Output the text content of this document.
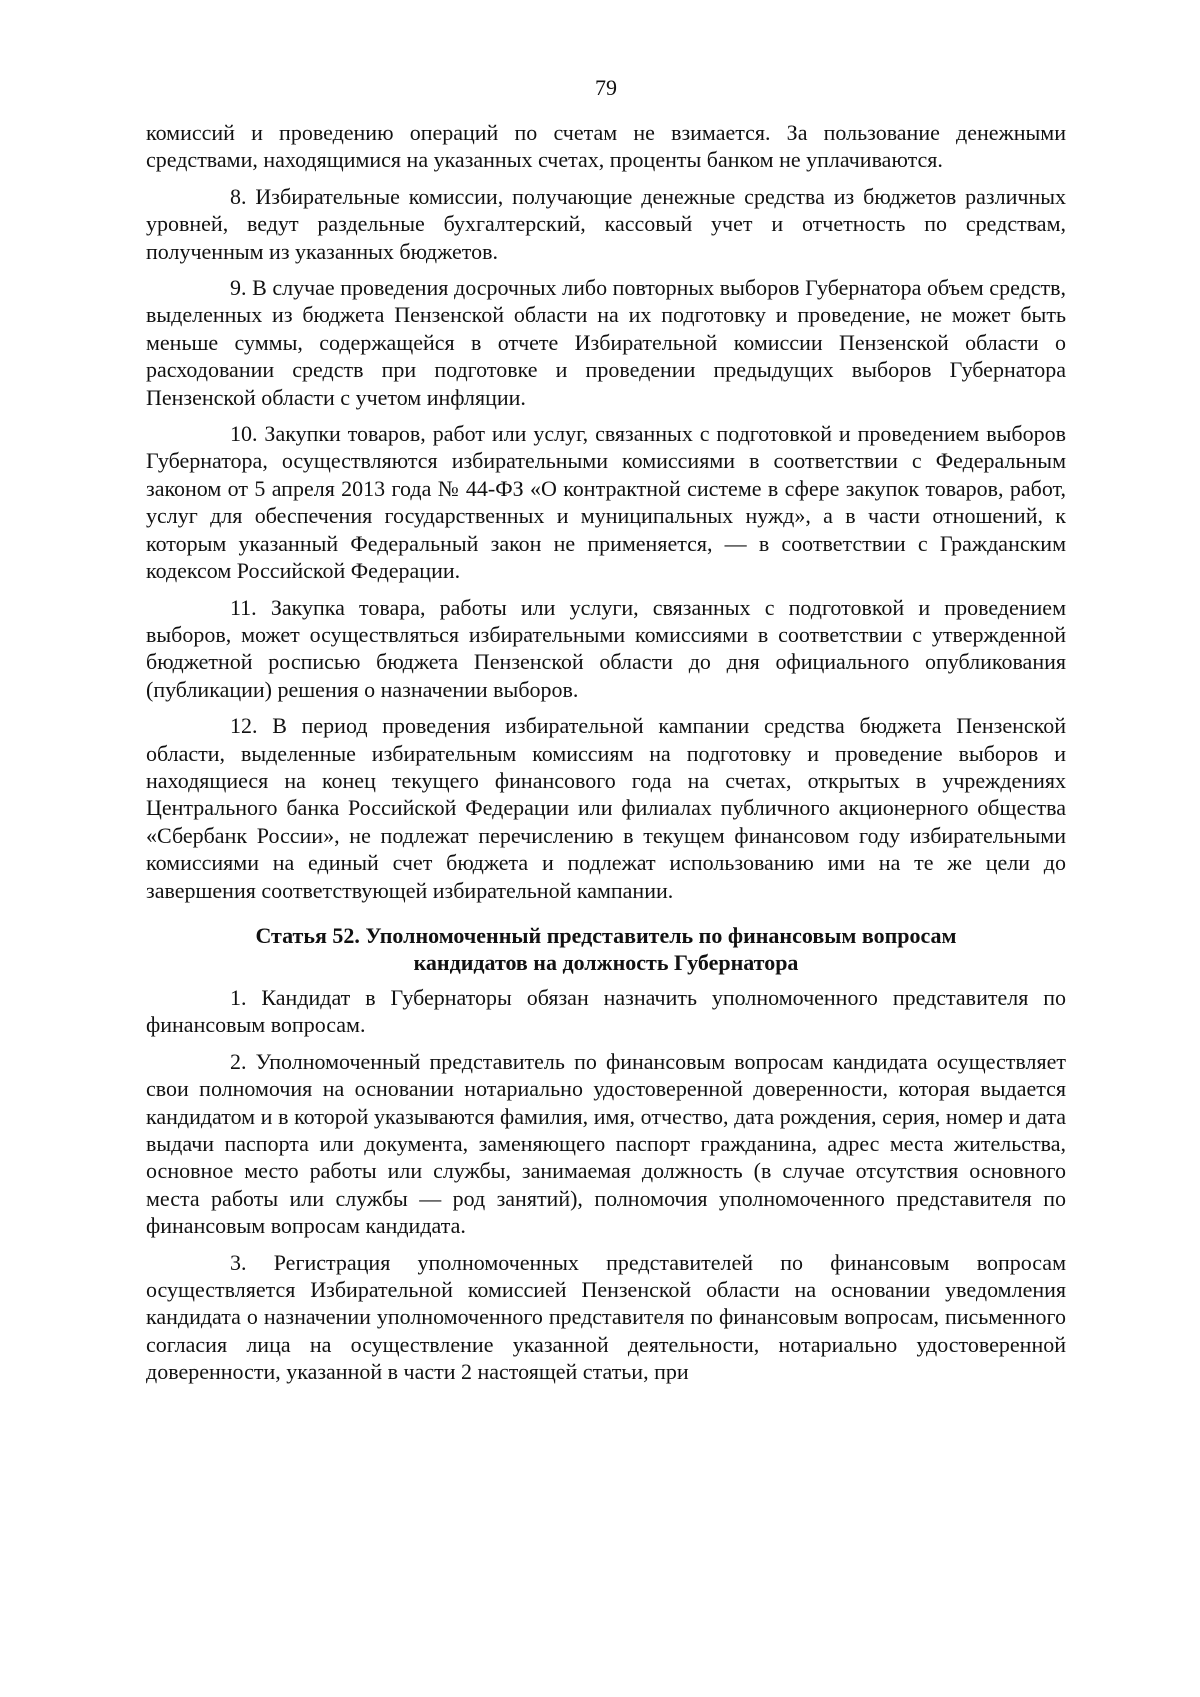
79

комиссий и проведению операций по счетам не взимается. За пользование денежными средствами, находящимися на указанных счетах, проценты банком не уплачиваются.

8. Избирательные комиссии, получающие денежные средства из бюджетов различных уровней, ведут раздельные бухгалтерский, кассовый учет и отчетность по средствам, полученным из указанных бюджетов.

9. В случае проведения досрочных либо повторных выборов Губернатора объем средств, выделенных из бюджета Пензенской области на их подготовку и проведение, не может быть меньше суммы, содержащейся в отчете Избирательной комиссии Пензенской области о расходовании средств при подготовке и проведении предыдущих выборов Губернатора Пензенской области с учетом инфляции.

10. Закупки товаров, работ или услуг, связанных с подготовкой и проведением выборов Губернатора, осуществляются избирательными комиссиями в соответствии с Федеральным законом от 5 апреля 2013 года № 44-ФЗ «О контрактной системе в сфере закупок товаров, работ, услуг для обеспечения государственных и муниципальных нужд», а в части отношений, к которым указанный Федеральный закон не применяется, — в соответствии с Гражданским кодексом Российской Федерации.

11. Закупка товара, работы или услуги, связанных с подготовкой и проведением выборов, может осуществляться избирательными комиссиями в соответствии с утвержденной бюджетной росписью бюджета Пензенской области до дня официального опубликования (публикации) решения о назначении выборов.

12. В период проведения избирательной кампании средства бюджета Пензенской области, выделенные избирательным комиссиям на подготовку и проведение выборов и находящиеся на конец текущего финансового года на счетах, открытых в учреждениях Центрального банка Российской Федерации или филиалах публичного акционерного общества «Сбербанк России», не подлежат перечислению в текущем финансовом году избирательными комиссиями на единый счет бюджета и подлежат использованию ими на те же цели до завершения соответствующей избирательной кампании.

Статья 52. Уполномоченный представитель по финансовым вопросам
кандидатов на должность Губернатора

1. Кандидат в Губернаторы обязан назначить уполномоченного представителя по финансовым вопросам.

2. Уполномоченный представитель по финансовым вопросам кандидата осуществляет свои полномочия на основании нотариально удостоверенной доверенности, которая выдается кандидатом и в которой указываются фамилия, имя, отчество, дата рождения, серия, номер и дата выдачи паспорта или документа, заменяющего паспорт гражданина, адрес места жительства, основное место работы или службы, занимаемая должность (в случае отсутствия основного места работы или службы — род занятий), полномочия уполномоченного представителя по финансовым вопросам кандидата.

3. Регистрация уполномоченных представителей по финансовым вопросам осуществляется Избирательной комиссией Пензенской области на основании уведомления кандидата о назначении уполномоченного представителя по финансовым вопросам, письменного согласия лица на осуществление указанной деятельности, нотариально удостоверенной доверенности, указанной в части 2 настоящей статьи, при
